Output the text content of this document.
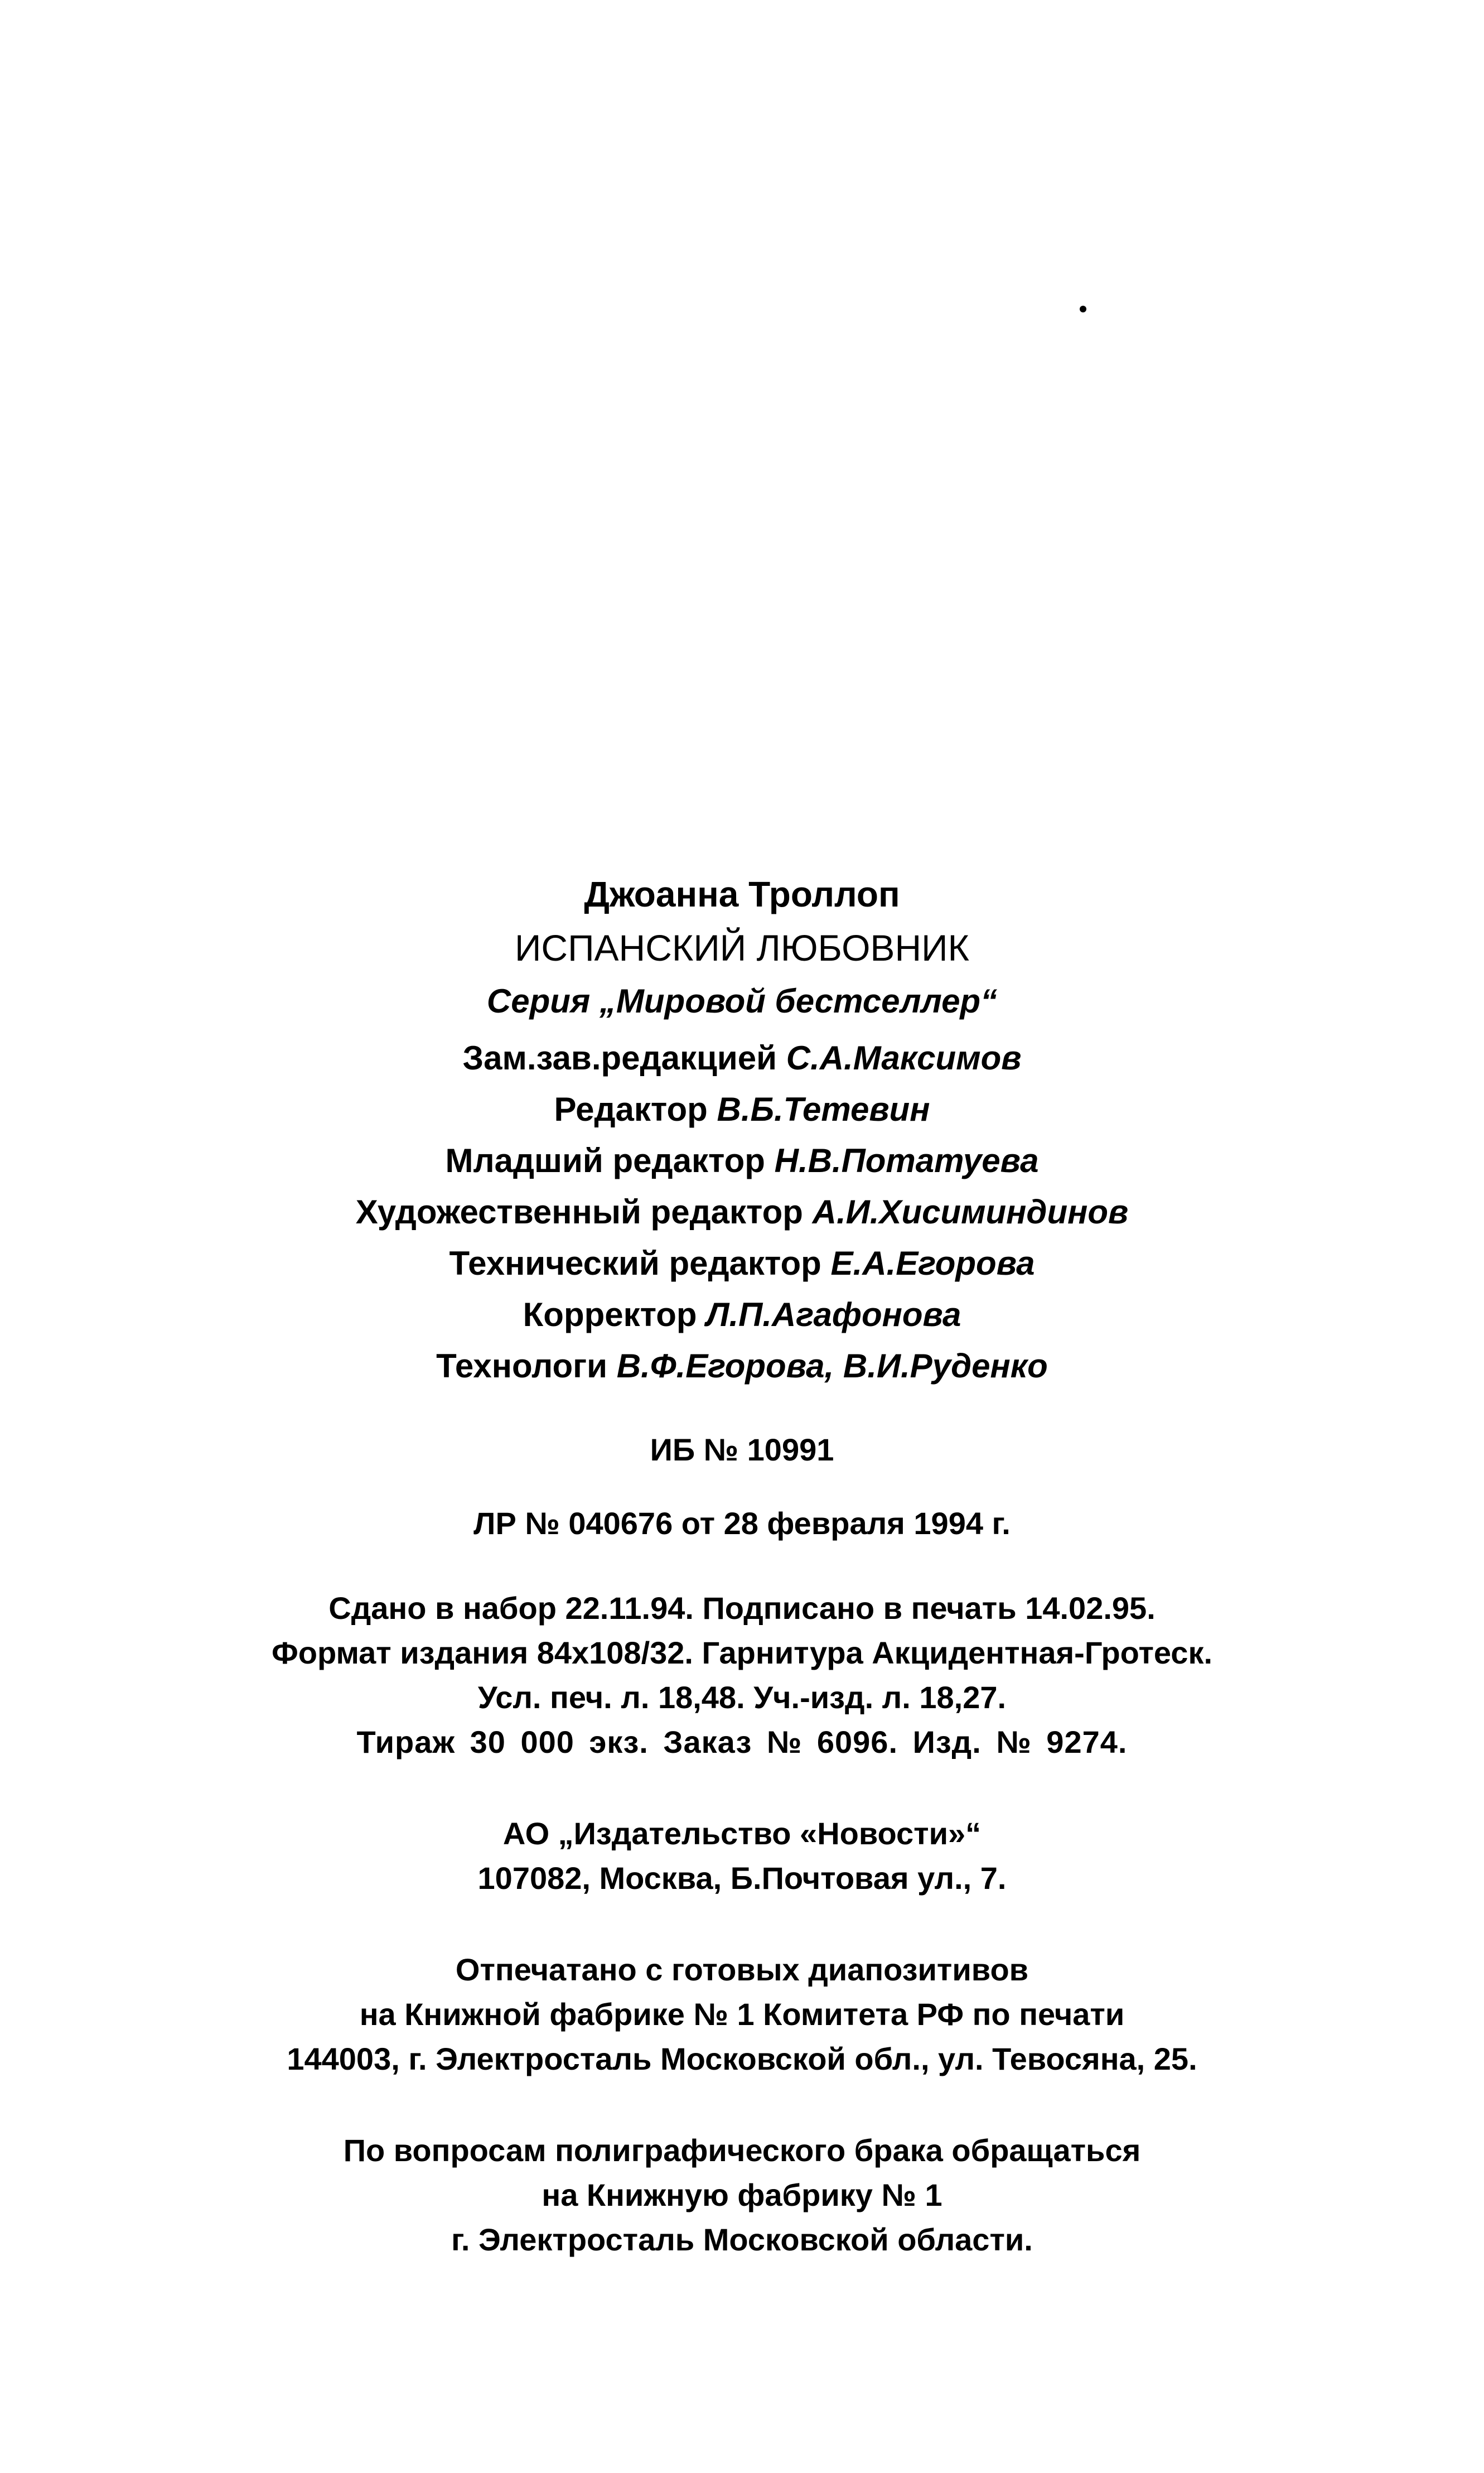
Джоанна Троллоп
ИСПАНСКИЙ ЛЮБОВНИК
Серия „Мировой бестселлер“
Зам.зав.редакцией С.А.Максимов
Редактор В.Б.Тетевин
Младший редактор Н.В.Потатуева
Художественный редактор А.И.Хисиминдинов
Технический редактор Е.А.Егорова
Корректор Л.П.Агафонова
Технологи В.Ф.Егорова, В.И.Руденко
ИБ № 10991
ЛР № 040676 от 28 февраля 1994 г.
Сдано в набор 22.11.94. Подписано в печать 14.02.95.
Формат издания 84x108/32. Гарнитура Акцидентная-Гротеск.
Усл. печ. л. 18,48. Уч.-изд. л. 18,27.
Тираж 30 000 экз. Заказ № 6096. Изд. № 9274.
АО „Издательство «Новости»“
107082, Москва, Б.Почтовая ул., 7.
Отпечатано с готовых диапозитивов
на Книжной фабрике № 1 Комитета РФ по печати
144003, г. Электросталь Московской обл., ул. Тевосяна, 25.
По вопросам полиграфического брака обращаться
на Книжную фабрику № 1
г. Электросталь Московской области.
